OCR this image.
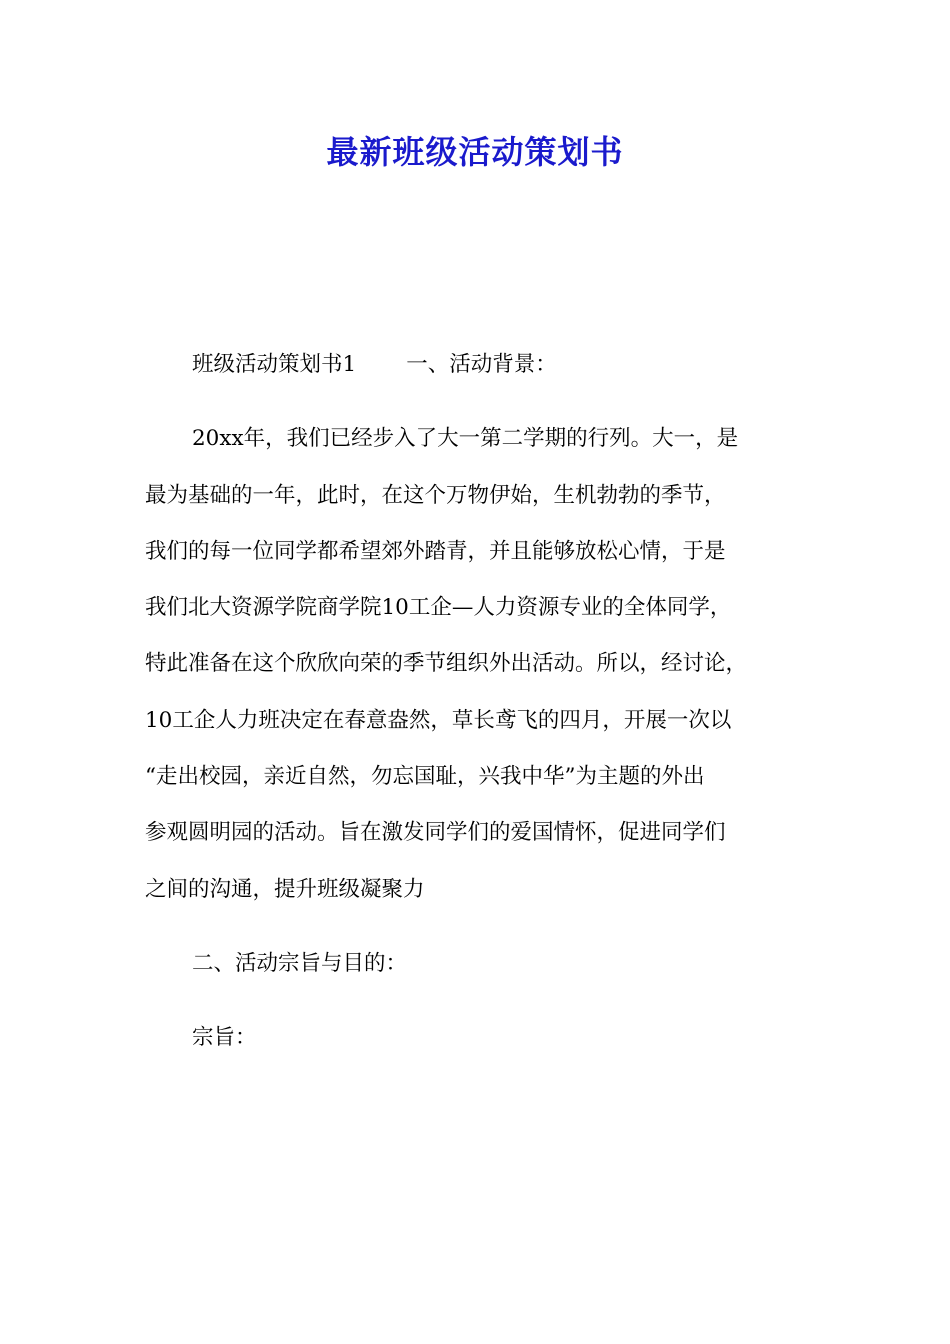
最新班级活动策划书

班级活动策划书1 一、活动背景：

20xx年，我们已经步入了大一第二学期的行列。大一，是

最为基础的一年，此时，在这个万物伊始，生机勃勃的季节，

我们的每一位同学都希望郊外踏青，并且能够放松心情，于是

我们北大资源学院商学院10工企—人力资源专业的全体同学，

特此准备在这个欣欣向荣的季节组织外出活动。所以，经讨论，

10工企人力班决定在春意盎然，草长鸢飞的四月，开展一次以

“走出校园，亲近自然，勿忘国耻，兴我中华”为主题的外出

参观圆明园的活动。旨在激发同学们的爱国情怀，促进同学们

之间的沟通，提升班级凝聚力

二、活动宗旨与目的：

宗旨：
